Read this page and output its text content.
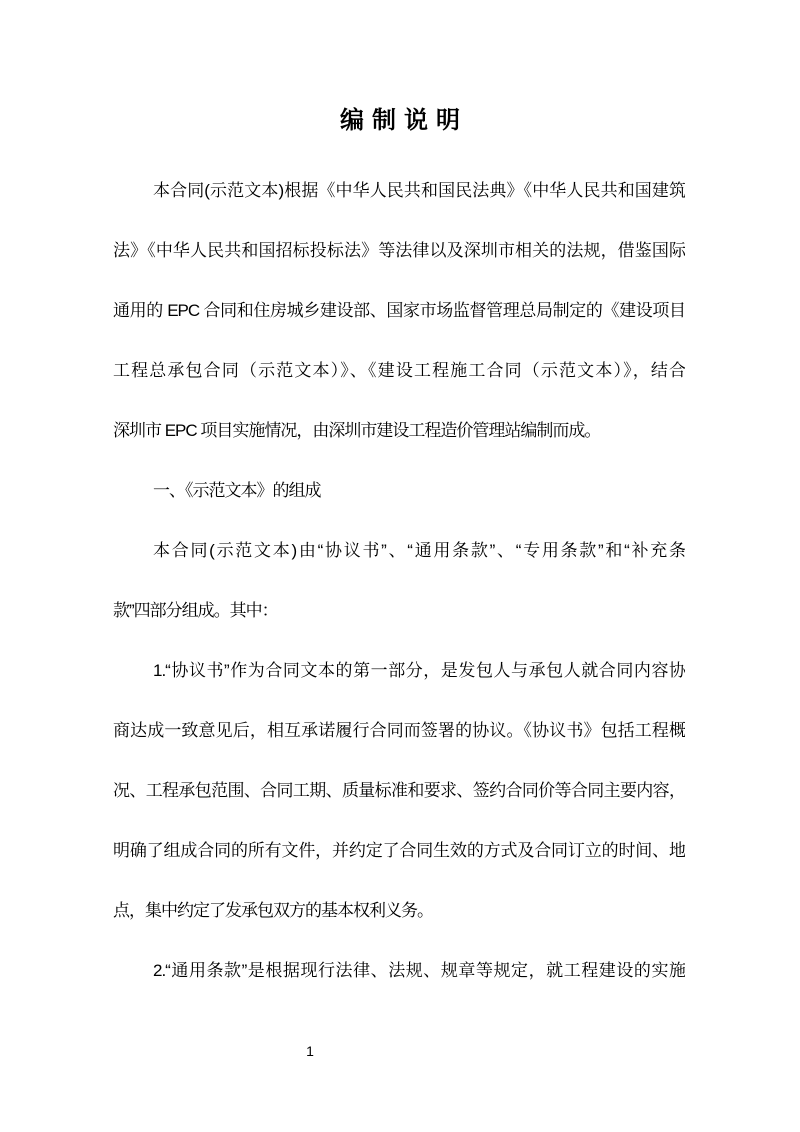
编制说明
本合同(示范文本)根据《中华人民共和国民法典》《中华人民共和国建筑
法》《中华人民共和国招标投标法》等法律以及深圳市相关的法规，借鉴国际
通用的 EPC 合同和住房城乡建设部、国家市场监督管理总局制定的《建设项目
工程总承包合同（示范文本）》、《建设工程施工合同（示范文本）》，结合
深圳市 EPC 项目实施情况，由深圳市建设工程造价管理站编制而成。
一、《示范文本》的组成
本合同(示范文本)由“协议书”、“通用条款”、“专用条款”和“补充条
款”四部分组成。其中：
1.“协议书”作为合同文本的第一部分，是发包人与承包人就合同内容协
商达成一致意见后，相互承诺履行合同而签署的协议。《协议书》包括工程概
况、工程承包范围、合同工期、质量标准和要求、签约合同价等合同主要内容，
明确了组成合同的所有文件，并约定了合同生效的方式及合同订立的时间、地
点，集中约定了发承包双方的基本权利义务。
2.“通用条款”是根据现行法律、法规、规章等规定，就工程建设的实施
1
